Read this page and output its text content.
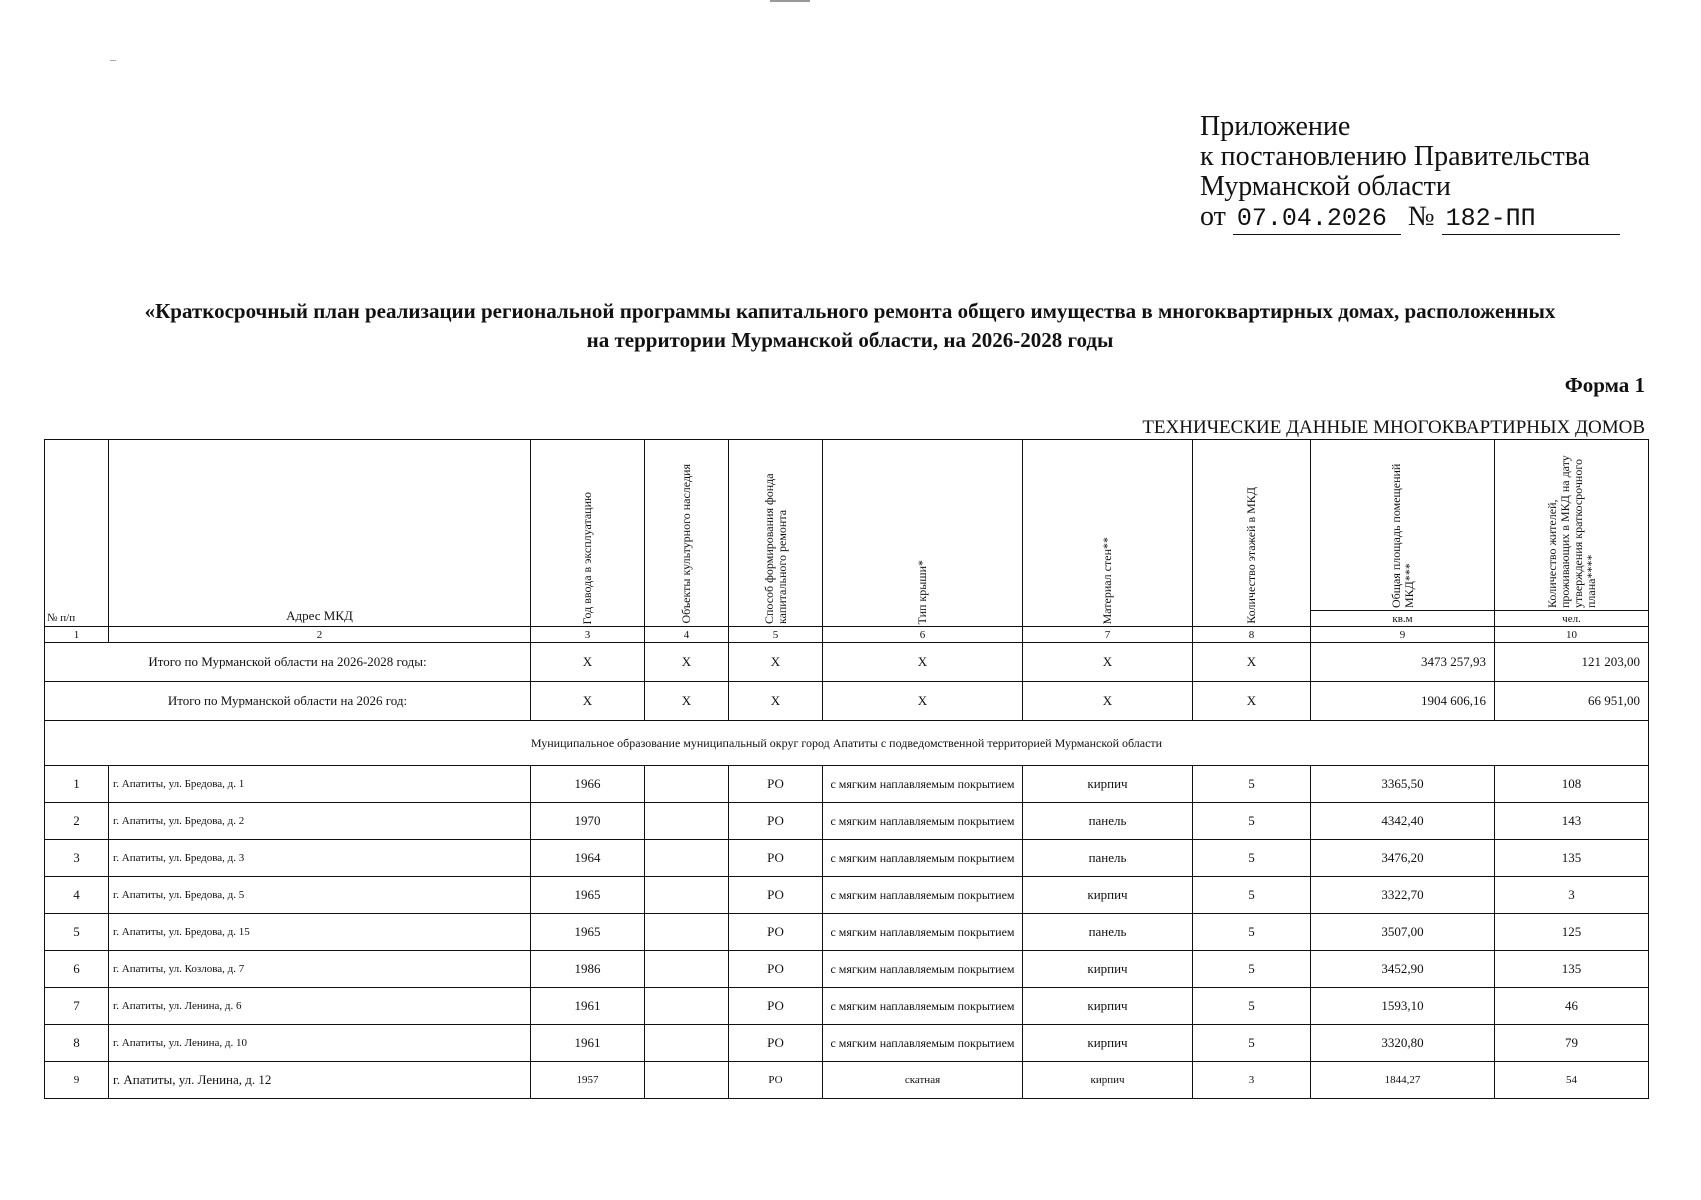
Приложение
к постановлению Правительства
Мурманской области
от 07.04.2026 № 182-ПП
«Краткосрочный план реализации региональной программы капитального ремонта общего имущества в многоквартирных домах, расположенных
на территории Мурманской области, на 2026-2028 годы
Форма 1
ТЕХНИЧЕСКИЕ ДАННЫЕ МНОГОКВАРТИРНЫХ ДОМОВ
№ п/п	Адрес МКД	Год ввода в эксплуатацию	Объекты культурного наследия	Способ формирования фонда капитального ремонта	Тип крыши*	Материал стен**	Количество этажей в МКД	Общая площадь помещений МКД***	Количество жителей, проживающих в МКД на дату утверждения краткосрочного плана****

								кв.м	чел.
1	2	3	4	5	6	7	8	9	10
Итого по Мурманской области на 2026-2028 годы:		X	X	X	X	X	X	3473 257,93	121 203,00
Итого по Мурманской области на 2026 год:		X	X	X	X	X	X	1904 606,16	66 951,00
Муниципальное образование муниципальный округ город Апатиты с подведомственной территорией Мурманской области									
1	г. Апатиты, ул. Бредова, д. 1	1966		РО	с мягким наплавляемым покрытием	кирпич	5	3365,50	108
2	г. Апатиты, ул. Бредова, д. 2	1970		РО	с мягким наплавляемым покрытием	панель	5	4342,40	143
3	г. Апатиты, ул. Бредова, д. 3	1964		РО	с мягким наплавляемым покрытием	панель	5	3476,20	135
4	г. Апатиты, ул. Бредова, д. 5	1965		РО	с мягким наплавляемым покрытием	кирпич	5	3322,70	3
5	г. Апатиты, ул. Бредова, д. 15	1965		РО	с мягким наплавляемым покрытием	панель	5	3507,00	125
6	г. Апатиты, ул. Козлова, д. 7	1986		РО	с мягким наплавляемым покрытием	кирпич	5	3452,90	135
7	г. Апатиты, ул. Ленина, д. 6	1961		РО	с мягким наплавляемым покрытием	кирпич	5	1593,10	46
8	г. Апатиты, ул. Ленина, д. 10	1961		РО	с мягким наплавляемым покрытием	кирпич	5	3320,80	79
9	г. Апатиты, ул. Ленина, д. 12	1957		РО	скатная	кирпич	3	1844,27	54
